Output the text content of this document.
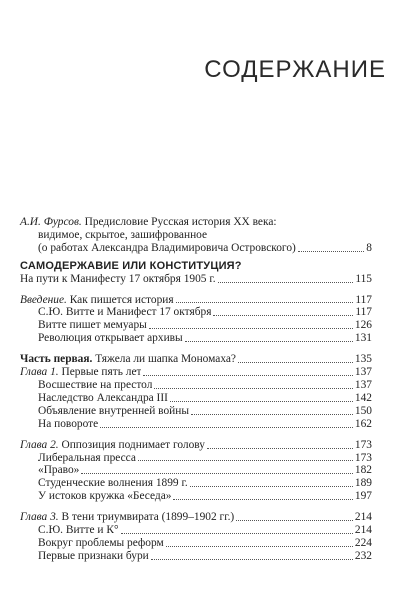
СОДЕРЖАНИЕ
А.И. Фурсов. Предисловие Русская история XX века:
видимое, скрытое, зашифрованное
(о работах Александра Владимировича Островского)	8
САМОДЕРЖАВИЕ ИЛИ КОНСТИТУЦИЯ?
На пути к Манифесту 17 октября 1905 г.	115
Введение. Как пишется история	117
С.Ю. Витте и Манифест 17 октября	117
Витте пишет мемуары	126
Революция открывает архивы	131
Часть первая. Тяжела ли шапка Мономаха?	135
Глава 1. Первые пять лет	137
Восшествие на престол	137
Наследство Александра III	142
Объявление внутренней войны	150
На повороте	162
Глава 2. Оппозиция поднимает голову	173
Либеральная пресса	173
«Право»	182
Студенческие волнения 1899 г.	189
У истоков кружка «Беседа»	197
Глава 3. В тени триумвирата (1899–1902 гг.)	214
С.Ю. Витте и К°	214
Вокруг проблемы реформ	224
Первые признаки бури	232
